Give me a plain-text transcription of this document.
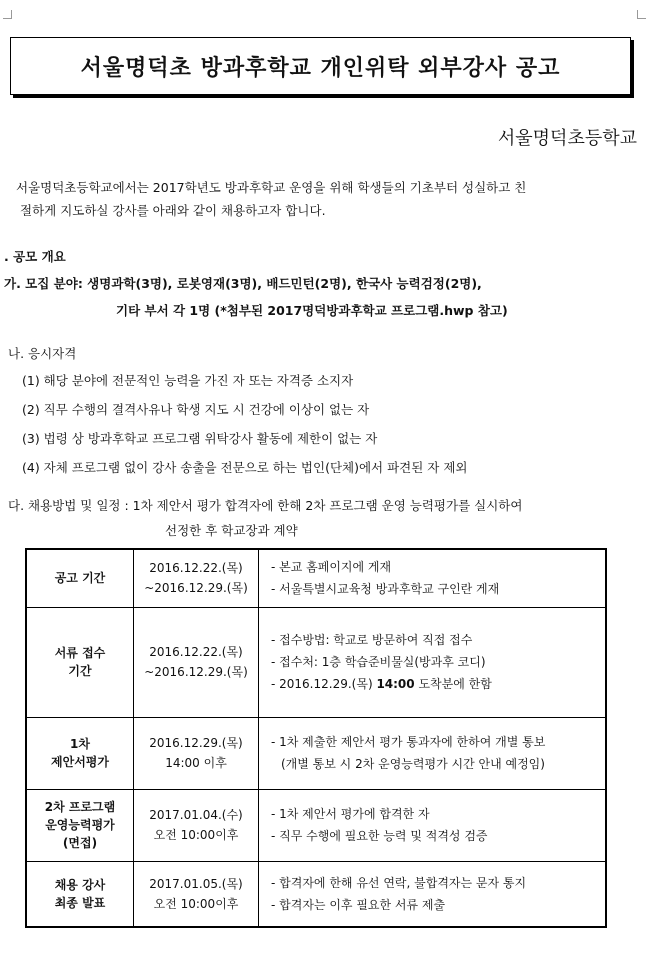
서울명덕초 방과후학교 개인위탁 외부강사 공고
서울명덕초등학교
서울명덕초등학교에서는 2017학년도 방과후학교 운영을 위해 학생들의 기초부터 성실하고 친
절하게 지도하실 강사를 아래와 같이 채용하고자 합니다.
. 공모 개요
가. 모집 분야: 생명과학(3명), 로봇영재(3명), 배드민턴(2명), 한국사 능력검정(2명),
기타 부서 각 1명 (*첨부된 2017명덕방과후학교 프로그램.hwp 참고)
나. 응시자격
(1) 해당 분야에 전문적인 능력을 가진 자 또는 자격증 소지자
(2) 직무 수행의 결격사유나 학생 지도 시 건강에 이상이 없는 자
(3) 법령 상 방과후학교 프로그램 위탁강사 활동에 제한이 없는 자
(4) 자체 프로그램 없이 강사 송출을 전문으로 하는 법인(단체)에서 파견된 자 제외
다. 채용방법 및 일정 : 1차 제안서 평가 합격자에 한해 2차 프로그램 운영 능력평가를 실시하여
선정한 후 학교장과 계약
공고 기간	2016.12.22.(목)
~2016.12.29.(목)	- 본교 홈페이지에 게재
- 서울특별시교육청 방과후학교 구인란 게재

서류 접수
기간	2016.12.22.(목)
~2016.12.29.(목)	- 접수방법: 학교로 방문하여 직접 접수
- 접수처: 1층 학습준비물실(방과후 코디)
- 2016.12.29.(목) 14:00 도착분에 한함

1차
제안서평가	2016.12.29.(목)
14:00 이후	- 1차 제출한 제안서 평가 통과자에 한하여 개별 통보
(개별 통보 시 2차 운영능력평가 시간 안내 예정임)

2차 프로그램
운영능력평가
(면접)	2017.01.04.(수)
오전 10:00이후	- 1차 제안서 평가에 합격한 자
- 직무 수행에 필요한 능력 및 적격성 검증

채용 강사
최종 발표	2017.01.05.(목)
오전 10:00이후	- 합격자에 한해 유선 연락, 불합격자는 문자 통지
- 합격자는 이후 필요한 서류 제출
